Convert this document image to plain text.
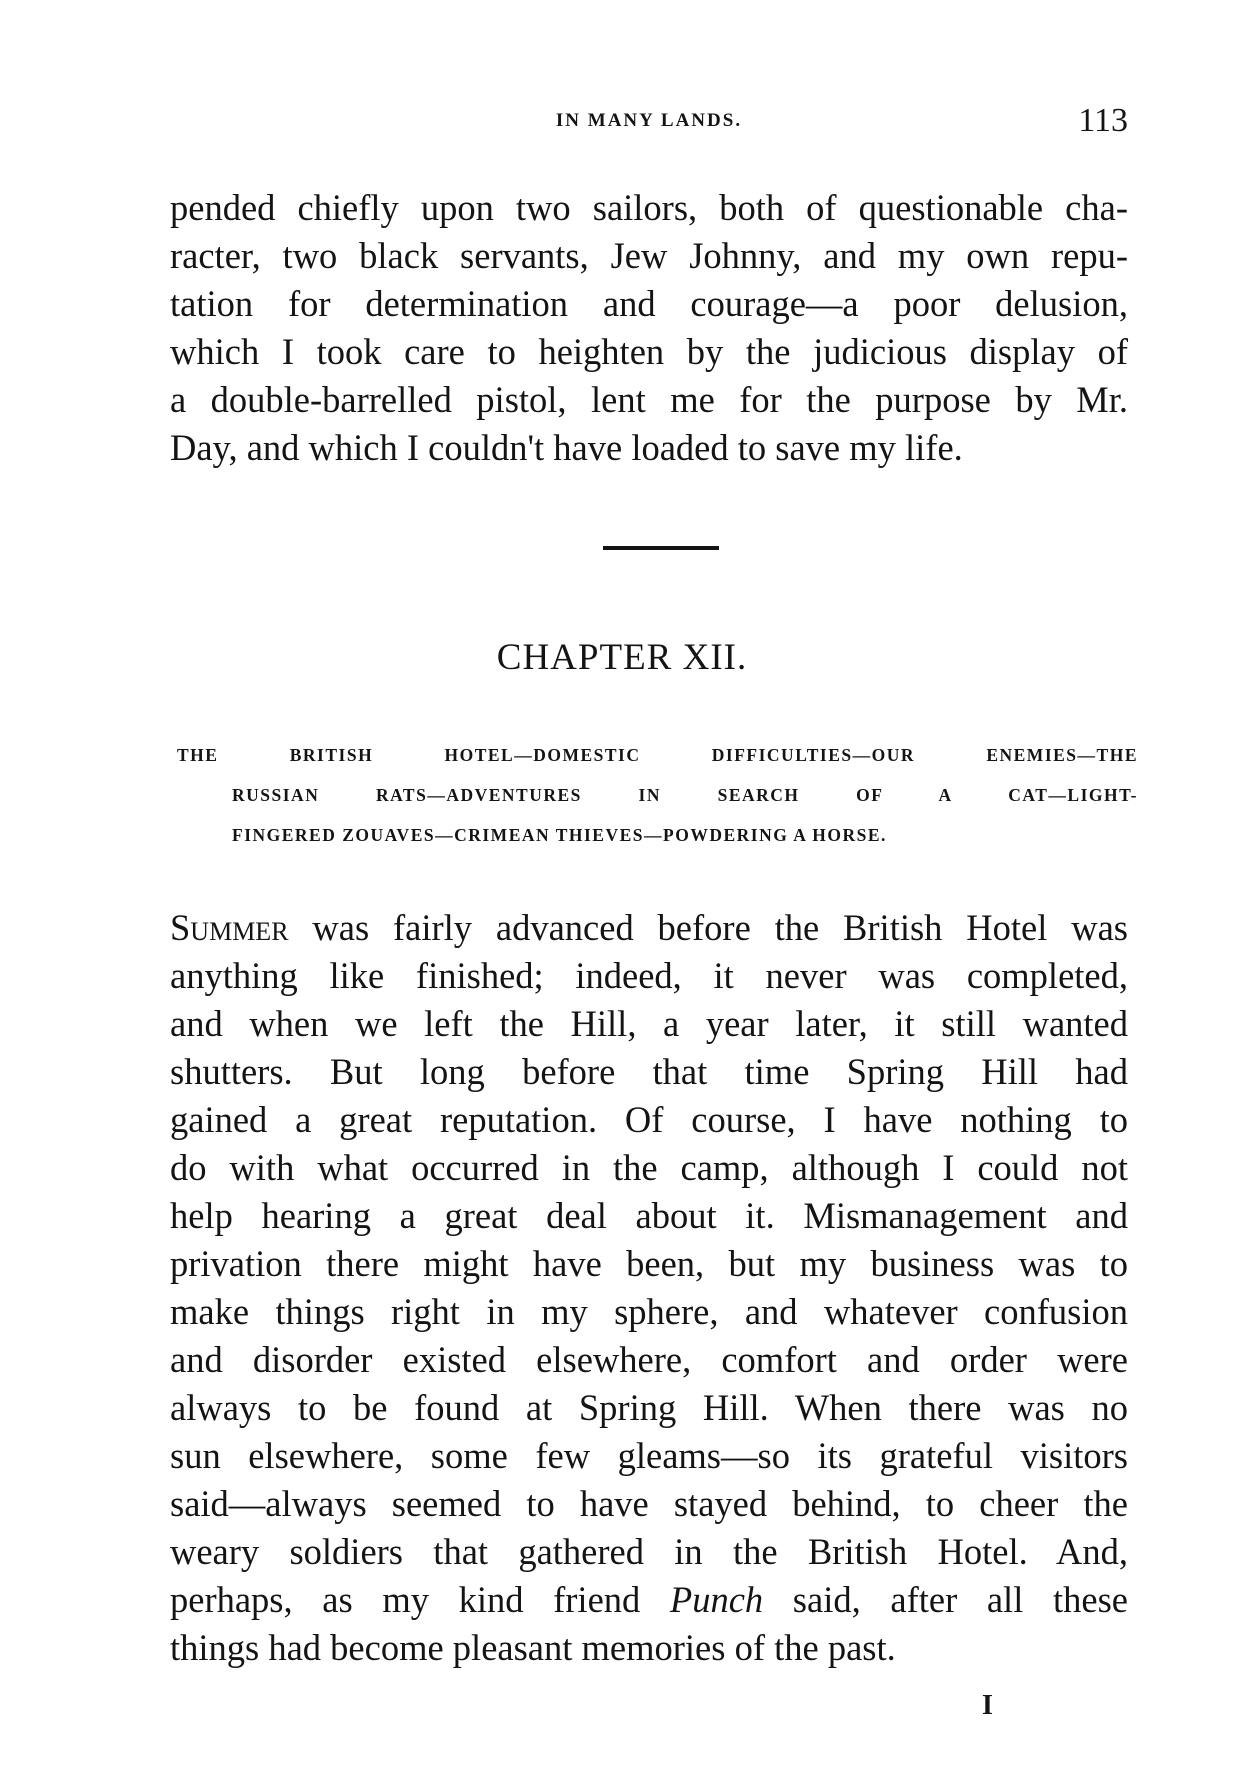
IN MANY LANDS.	113

pended chiefly upon two sailors, both of questionable cha-
racter, two black servants, Jew Johnny, and my own repu-
tation for determination and courage—a poor delusion,
which I took care to heighten by the judicious display of
a double-barrelled pistol, lent me for the purpose by Mr.
Day, and which I couldn't have loaded to save my life.

CHAPTER XII.
THE BRITISH HOTEL—DOMESTIC DIFFICULTIES—OUR ENEMIES—THE
RUSSIAN RATS—ADVENTURES IN SEARCH OF A CAT—LIGHT-
FINGERED ZOUAVES—CRIMEAN THIEVES—POWDERING A HORSE.

Summer was fairly advanced before the British Hotel was
anything like finished; indeed, it never was completed,
and when we left the Hill, a year later, it still wanted
shutters. But long before that time Spring Hill had
gained a great reputation. Of course, I have nothing to
do with what occurred in the camp, although I could not
help hearing a great deal about it. Mismanagement and
privation there might have been, but my business was to
make things right in my sphere, and whatever confusion
and disorder existed elsewhere, comfort and order were
always to be found at Spring Hill. When there was no
sun elsewhere, some few gleams—so its grateful visitors
said—always seemed to have stayed behind, to cheer the
weary soldiers that gathered in the British Hotel. And,
perhaps, as my kind friend Punch said, after all these
things had become pleasant memories of the past.

I
